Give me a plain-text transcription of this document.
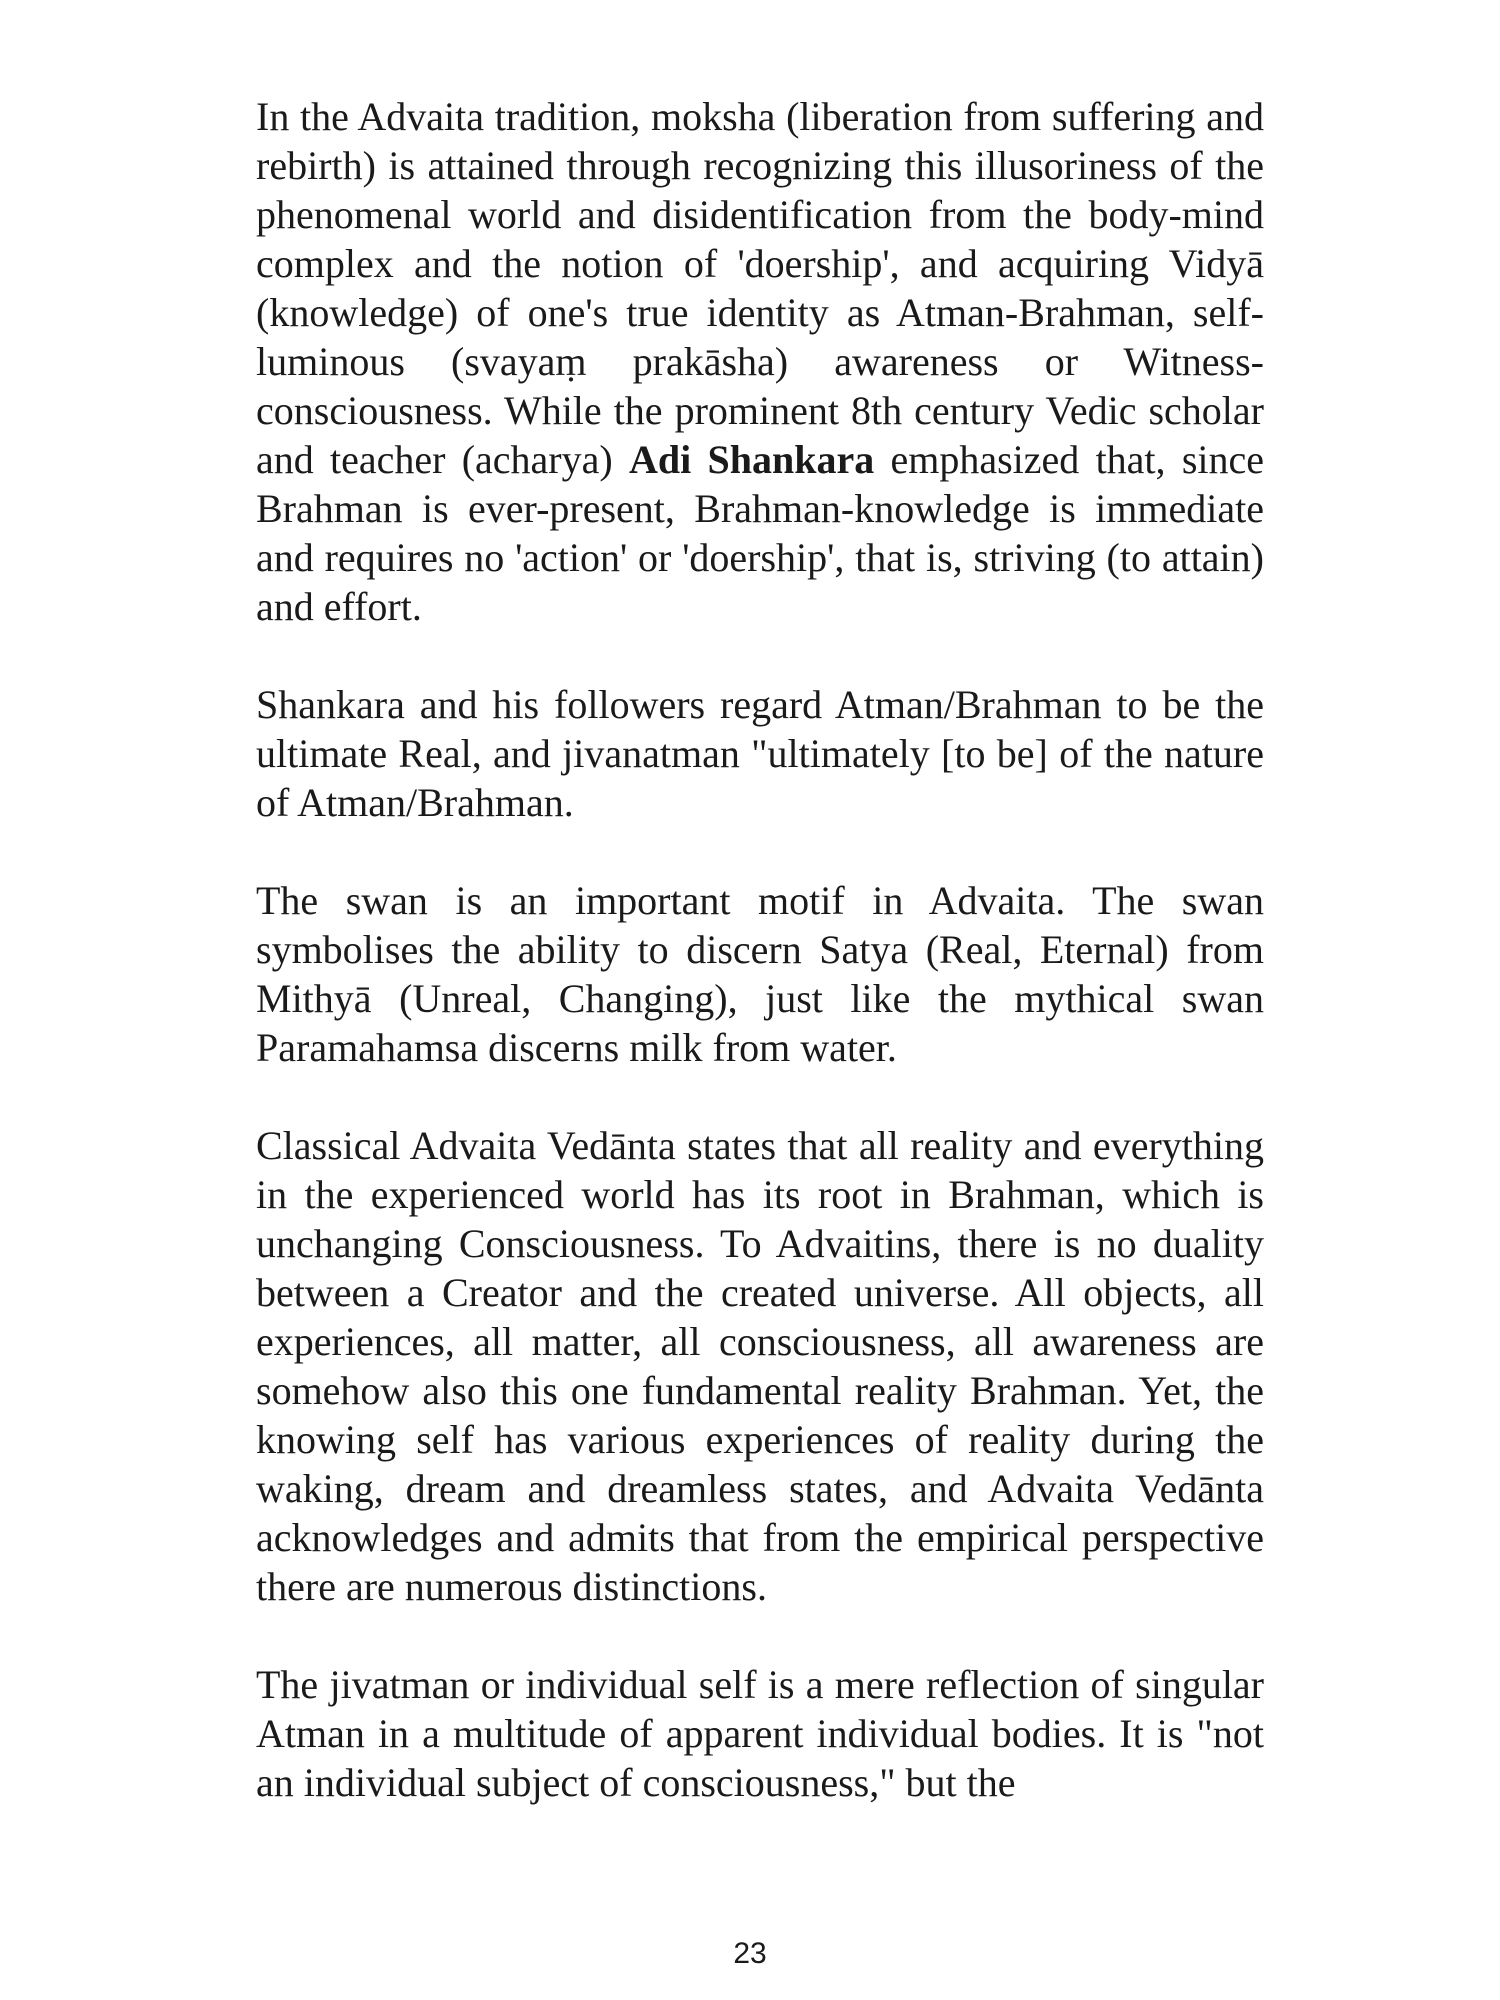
In the Advaita tradition, moksha (liberation from suffering and rebirth) is attained through recognizing this illusoriness of the phenomenal world and disidentification from the body-mind complex and the notion of 'doership', and acquiring Vidyā (knowledge) of one's true identity as Atman-Brahman, self-luminous (svayaṃ prakāsha) awareness or Witness-consciousness. While the prominent 8th century Vedic scholar and teacher (acharya) Adi Shankara emphasized that, since Brahman is ever-present, Brahman-knowledge is immediate and requires no 'action' or 'doership', that is, striving (to attain) and effort.

Shankara and his followers regard Atman/Brahman to be the ultimate Real, and jivanatman "ultimately [to be] of the nature of Atman/Brahman.

The swan is an important motif in Advaita. The swan symbolises the ability to discern Satya (Real, Eternal) from Mithyā (Unreal, Changing), just like the mythical swan Paramahamsa discerns milk from water.

Classical Advaita Vedānta states that all reality and everything in the experienced world has its root in Brahman, which is unchanging Consciousness. To Advaitins, there is no duality between a Creator and the created universe. All objects, all experiences, all matter, all consciousness, all awareness are somehow also this one fundamental reality Brahman. Yet, the knowing self has various experiences of reality during the waking, dream and dreamless states, and Advaita Vedānta acknowledges and admits that from the empirical perspective there are numerous distinctions.

The jivatman or individual self is a mere reflection of singular Atman in a multitude of apparent individual bodies. It is "not an individual subject of consciousness," but the

23
